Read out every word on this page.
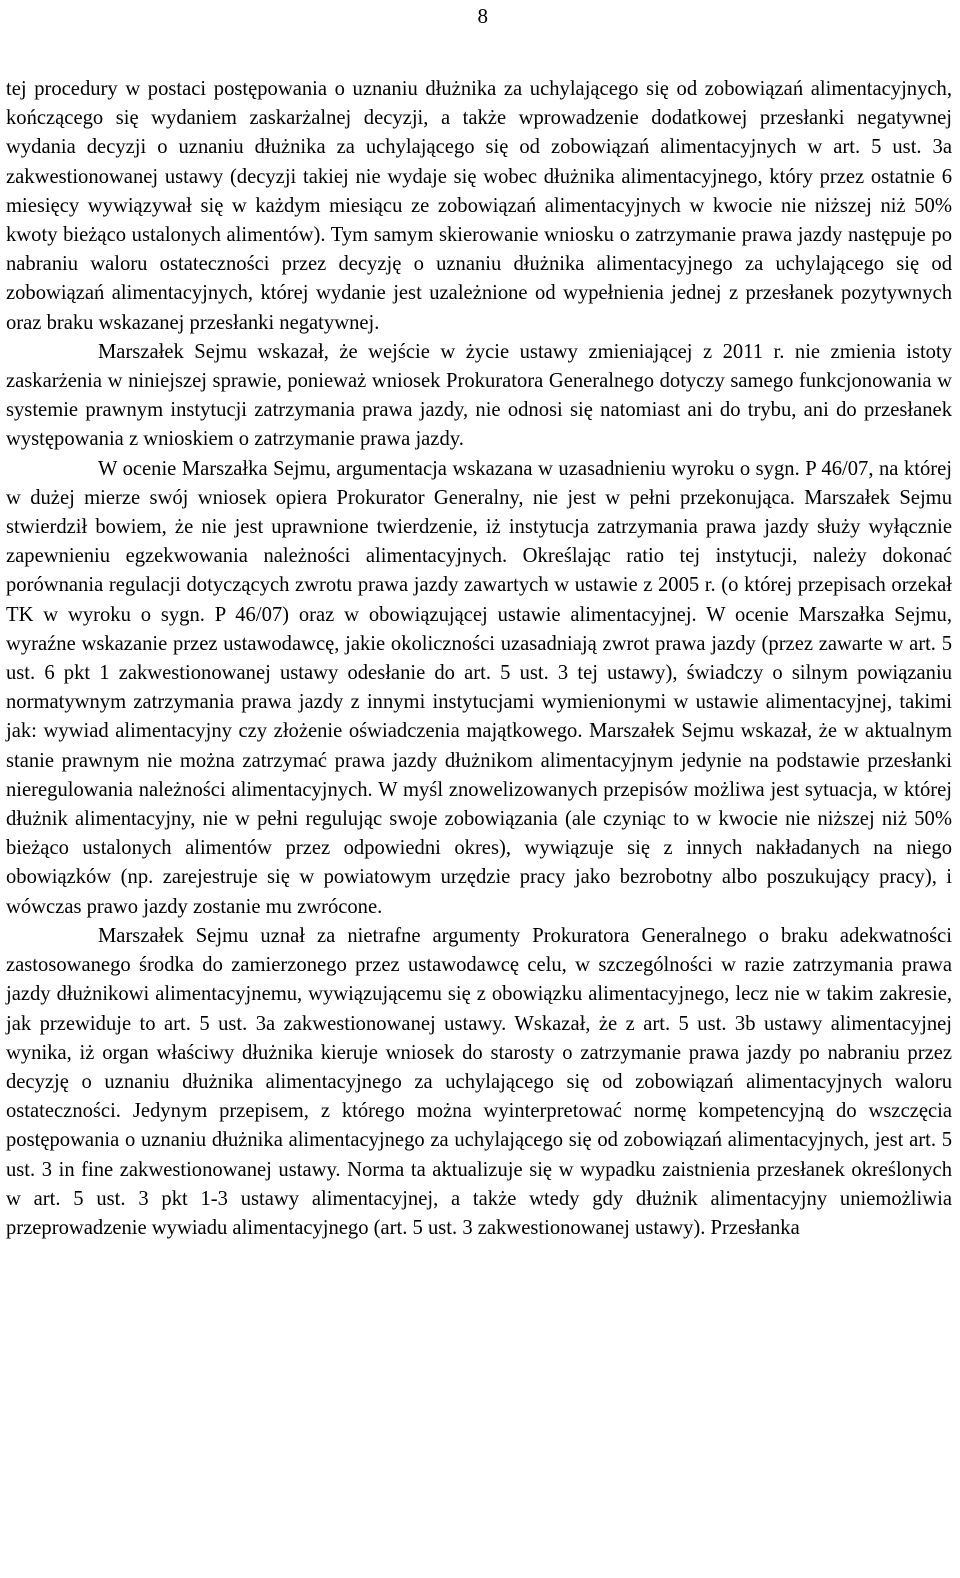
8

tej procedury w postaci postępowania o uznaniu dłużnika za uchylającego się od zobowiązań alimentacyjnych, kończącego się wydaniem zaskarżalnej decyzji, a także wprowadzenie dodatkowej przesłanki negatywnej wydania decyzji o uznaniu dłużnika za uchylającego się od zobowiązań alimentacyjnych w art. 5 ust. 3a zakwestionowanej ustawy (decyzji takiej nie wydaje się wobec dłużnika alimentacyjnego, który przez ostatnie 6 miesięcy wywiązywał się w każdym miesiącu ze zobowiązań alimentacyjnych w kwocie nie niższej niż 50% kwoty bieżąco ustalonych alimentów). Tym samym skierowanie wniosku o zatrzymanie prawa jazdy następuje po nabraniu waloru ostateczności przez decyzję o uznaniu dłużnika alimentacyjnego za uchylającego się od zobowiązań alimentacyjnych, której wydanie jest uzależnione od wypełnienia jednej z przesłanek pozytywnych oraz braku wskazanej przesłanki negatywnej.

Marszałek Sejmu wskazał, że wejście w życie ustawy zmieniającej z 2011 r. nie zmienia istoty zaskarżenia w niniejszej sprawie, ponieważ wniosek Prokuratora Generalnego dotyczy samego funkcjonowania w systemie prawnym instytucji zatrzymania prawa jazdy, nie odnosi się natomiast ani do trybu, ani do przesłanek występowania z wnioskiem o zatrzymanie prawa jazdy.

W ocenie Marszałka Sejmu, argumentacja wskazana w uzasadnieniu wyroku o sygn. P 46/07, na której w dużej mierze swój wniosek opiera Prokurator Generalny, nie jest w pełni przekonująca. Marszałek Sejmu stwierdził bowiem, że nie jest uprawnione twierdzenie, iż instytucja zatrzymania prawa jazdy służy wyłącznie zapewnieniu egzekwowania należności alimentacyjnych. Określając ratio tej instytucji, należy dokonać porównania regulacji dotyczących zwrotu prawa jazdy zawartych w ustawie z 2005 r. (o której przepisach orzekał TK w wyroku o sygn. P 46/07) oraz w obowiązującej ustawie alimentacyjnej. W ocenie Marszałka Sejmu, wyraźne wskazanie przez ustawodawcę, jakie okoliczności uzasadniają zwrot prawa jazdy (przez zawarte w art. 5 ust. 6 pkt 1 zakwestionowanej ustawy odesłanie do art. 5 ust. 3 tej ustawy), świadczy o silnym powiązaniu normatywnym zatrzymania prawa jazdy z innymi instytucjami wymienionymi w ustawie alimentacyjnej, takimi jak: wywiad alimentacyjny czy złożenie oświadczenia majątkowego. Marszałek Sejmu wskazał, że w aktualnym stanie prawnym nie można zatrzymać prawa jazdy dłużnikom alimentacyjnym jedynie na podstawie przesłanki nieregulowania należności alimentacyjnych. W myśl znowelizowanych przepisów możliwa jest sytuacja, w której dłużnik alimentacyjny, nie w pełni regulując swoje zobowiązania (ale czyniąc to w kwocie nie niższej niż 50% bieżąco ustalonych alimentów przez odpowiedni okres), wywiązuje się z innych nakładanych na niego obowiązków (np. zarejestruje się w powiatowym urzędzie pracy jako bezrobotny albo poszukujący pracy), i wówczas prawo jazdy zostanie mu zwrócone.

Marszałek Sejmu uznał za nietrafne argumenty Prokuratora Generalnego o braku adekwatności zastosowanego środka do zamierzonego przez ustawodawcę celu, w szczególności w razie zatrzymania prawa jazdy dłużnikowi alimentacyjnemu, wywiązującemu się z obowiązku alimentacyjnego, lecz nie w takim zakresie, jak przewiduje to art. 5 ust. 3a zakwestionowanej ustawy. Wskazał, że z art. 5 ust. 3b ustawy alimentacyjnej wynika, iż organ właściwy dłużnika kieruje wniosek do starosty o zatrzymanie prawa jazdy po nabraniu przez decyzję o uznaniu dłużnika alimentacyjnego za uchylającego się od zobowiązań alimentacyjnych waloru ostateczności. Jedynym przepisem, z którego można wyinterpretować normę kompetencyjną do wszczęcia postępowania o uznaniu dłużnika alimentacyjnego za uchylającego się od zobowiązań alimentacyjnych, jest art. 5 ust. 3 in fine zakwestionowanej ustawy. Norma ta aktualizuje się w wypadku zaistnienia przesłanek określonych w art. 5 ust. 3 pkt 1-3 ustawy alimentacyjnej, a także wtedy gdy dłużnik alimentacyjny uniemożliwia przeprowadzenie wywiadu alimentacyjnego (art. 5 ust. 3 zakwestionowanej ustawy). Przesłanka
